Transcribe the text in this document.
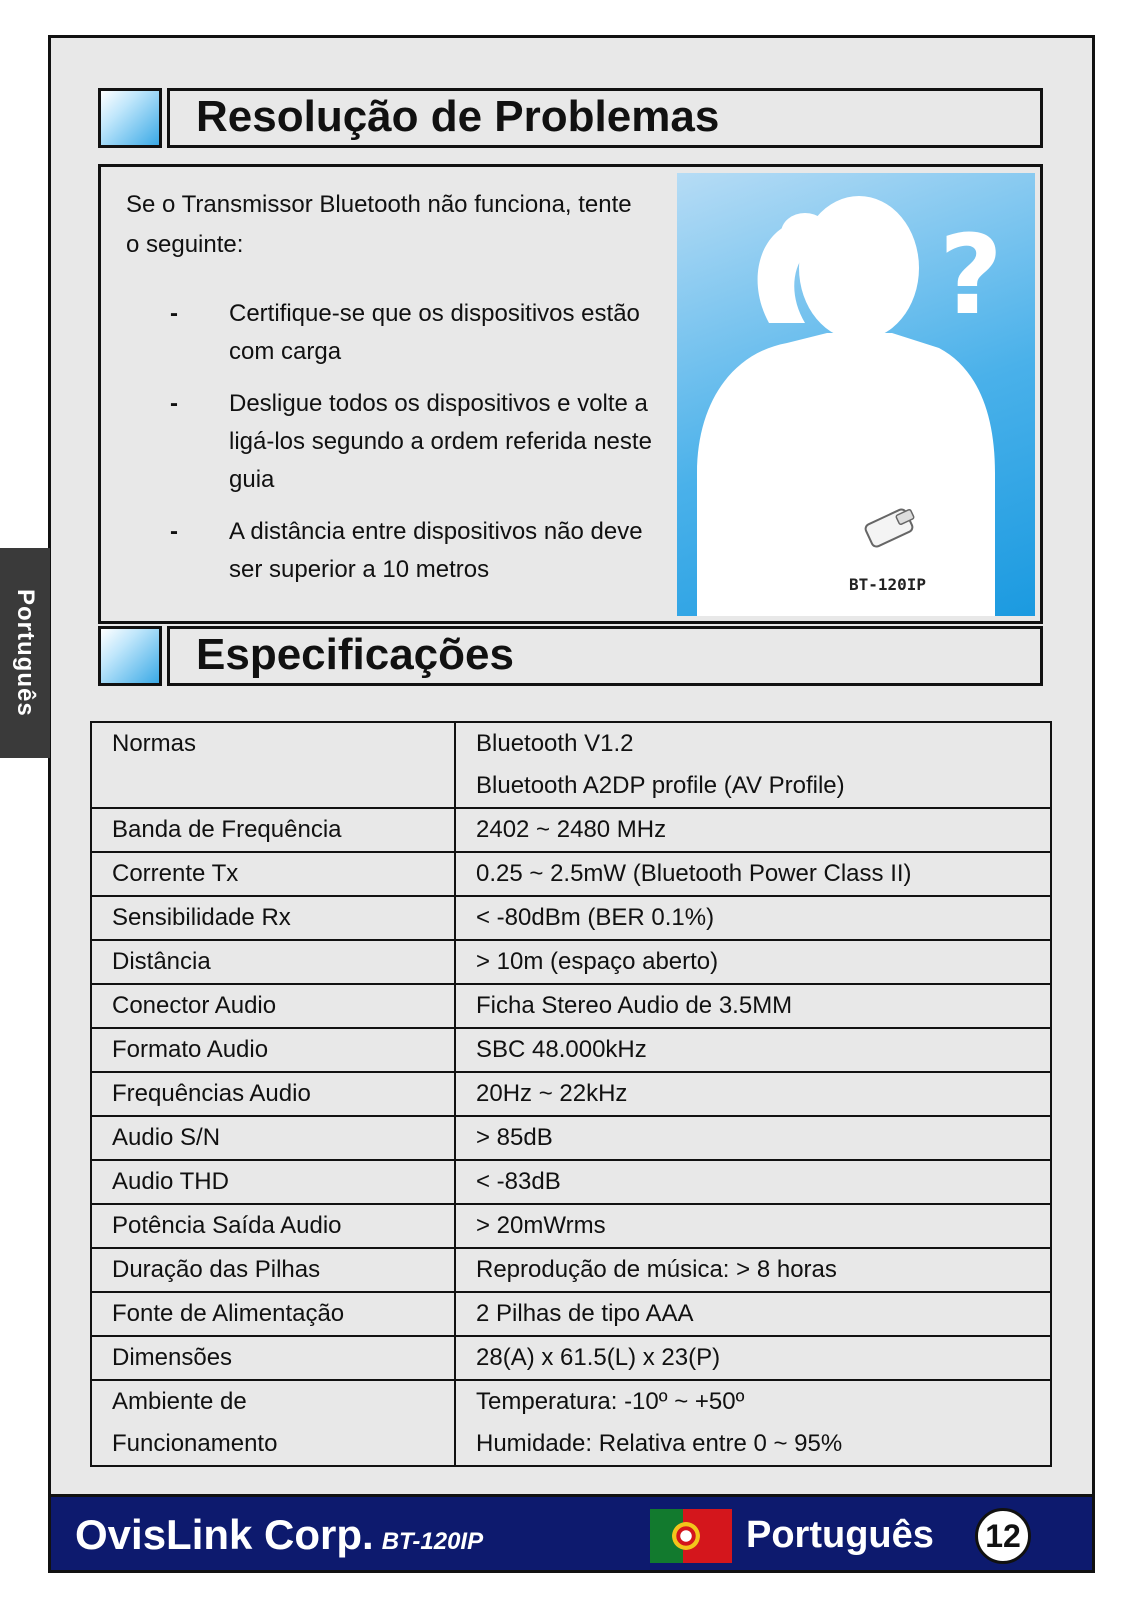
Português
Resolução de Problemas
Se o Transmissor Bluetooth não funciona, tente o seguinte:
- Certifique-se que os dispositivos estão com carga
- Desligue todos os dispositivos e volte a ligá-los segundo a ordem referida neste guia
- A distância entre dispositivos não deve ser superior a 10 metros
?
BT-120IP
Especificações
Normas	Bluetooth V1.2
Bluetooth A2DP profile (AV Profile)

Banda de Frequência	2402 ~ 2480 MHz

Corrente Tx	0.25 ~ 2.5mW (Bluetooth Power Class II)

Sensibilidade Rx	< -80dBm (BER 0.1%)

Distância	> 10m (espaço aberto)

Conector Audio	Ficha Stereo Audio de 3.5MM

Formato Audio	SBC 48.000kHz

Frequências Audio	20Hz ~ 22kHz

Audio S/N	> 85dB

Audio THD	< -83dB

Potência Saída Audio	> 20mWrms

Duração das Pilhas	Reprodução de música: > 8 horas

Fonte de Alimentação	2 Pilhas de tipo AAA

Dimensões	28(A) x 61.5(L) x 23(P)

Ambiente de
Funcionamento	Temperatura: -10º ~ +50º
Humidade: Relativa entre 0 ~ 95%
OvisLink Corp. BT-120IP	Português	12
